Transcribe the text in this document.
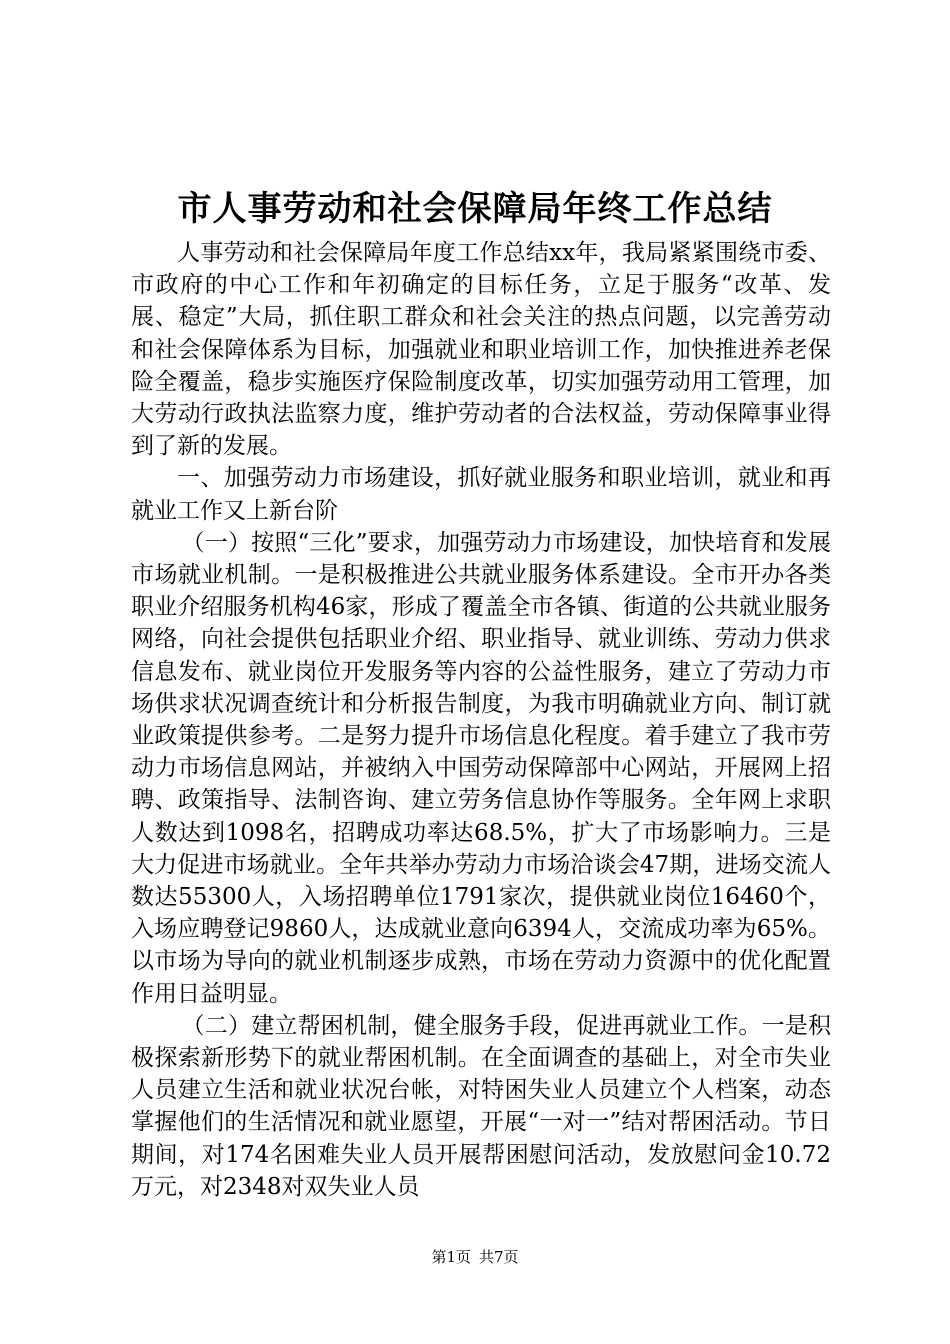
市人事劳动和社会保障局年终工作总结

人事劳动和社会保障局年度工作总结xx年，我局紧紧围绕市委、市政府的中心工作和年初确定的目标任务，立足于服务“改革、发展、稳定”大局，抓住职工群众和社会关注的热点问题，以完善劳动和社会保障体系为目标，加强就业和职业培训工作，加快推进养老保险全覆盖，稳步实施医疗保险制度改革，切实加强劳动用工管理，加大劳动行政执法监察力度，维护劳动者的合法权益，劳动保障事业得到了新的发展。

一、加强劳动力市场建设，抓好就业服务和职业培训，就业和再就业工作又上新台阶

（一）按照“三化”要求，加强劳动力市场建设，加快培育和发展市场就业机制。一是积极推进公共就业服务体系建设。全市开办各类职业介绍服务机构46家，形成了覆盖全市各镇、街道的公共就业服务网络，向社会提供包括职业介绍、职业指导、就业训练、劳动力供求信息发布、就业岗位开发服务等内容的公益性服务，建立了劳动力市场供求状况调查统计和分析报告制度，为我市明确就业方向、制订就业政策提供参考。二是努力提升市场信息化程度。着手建立了我市劳动力市场信息网站，并被纳入中国劳动保障部中心网站，开展网上招聘、政策指导、法制咨询、建立劳务信息协作等服务。全年网上求职人数达到1098名，招聘成功率达68.5%，扩大了市场影响力。三是大力促进市场就业。全年共举办劳动力市场洽谈会47期，进场交流人数达55300人，入场招聘单位1791家次，提供就业岗位16460个，入场应聘登记9860人，达成就业意向6394人，交流成功率为65%。以市场为导向的就业机制逐步成熟，市场在劳动力资源中的优化配置作用日益明显。

（二）建立帮困机制，健全服务手段，促进再就业工作。一是积极探索新形势下的就业帮困机制。在全面调查的基础上，对全市失业人员建立生活和就业状况台帐，对特困失业人员建立个人档案，动态掌握他们的生活情况和就业愿望，开展“一对一”结对帮困活动。节日期间，对174名困难失业人员开展帮困慰问活动，发放慰问金10.72万元，对2348对双失业人员

第1页 共7页
